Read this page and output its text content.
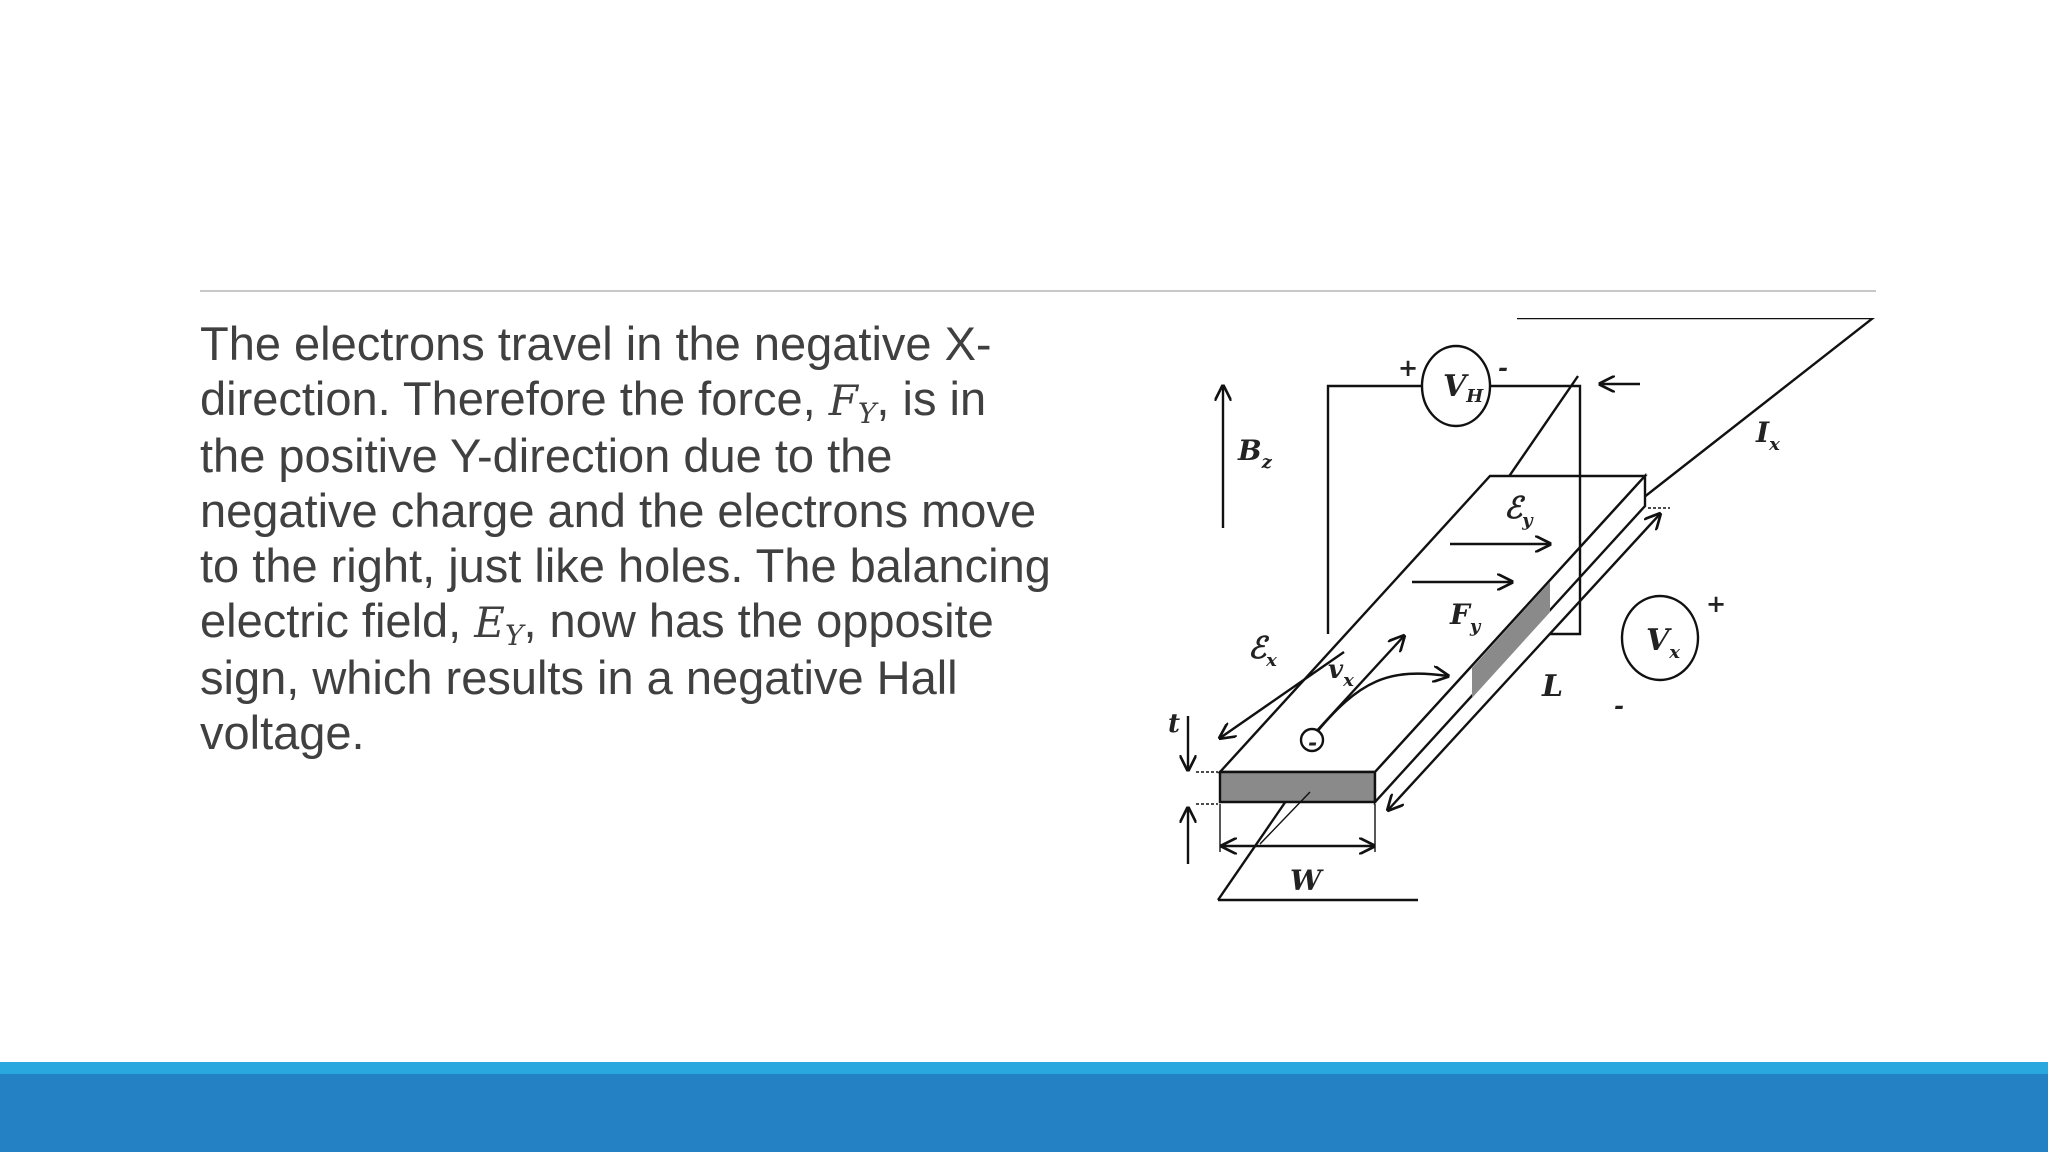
The electrons travel in the negative X-
direction. Therefore the force, $F_Y$, is in
the positive Y-direction due to the
negative charge and the electrons move
to the right, just like holes. The balancing
electric field, $E_Y$, now has the opposite
sign, which results in a negative Hall
voltage.
$V_H$
+	-
$B_z$
$I_x$
ℰ$_y$
$F_y$
ℰ$_x$ $v_x$
-
$V_x$
+
-
t
L
W
